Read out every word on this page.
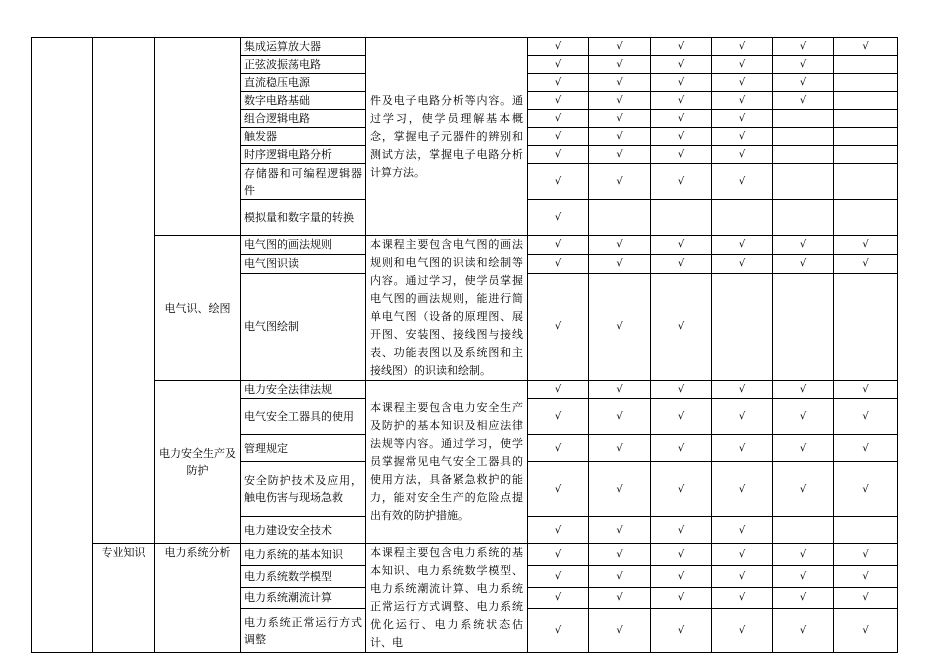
			集成运算放大器	件及电子电路分析等内容。通过学习，使学员理解基本概念，掌握电子元器件的辨别和测试方法，掌握电子电路分析计算方法。	√	√	√	√	√	√
			正弦波振荡电路		√	√	√	√	√	
			直流稳压电源		√	√	√	√	√	
			数字电路基础		√	√	√	√	√	
			组合逻辑电路		√	√	√	√		
			触发器		√	√	√	√		
			时序逻辑电路分析		√	√	√	√		
			存储器和可编程逻辑器件		√	√	√	√		
			模拟量和数字量的转换		√					
		电气识、绘图	电气图的画法规则	本课程主要包含电气图的画法规则和电气图的识读和绘制等内容。通过学习，使学员掌握电气图的画法规则，能进行简单电气图（设备的原理图、展开图、安装图、接线图与接线表、功能表图以及系统图和主接线图）的识读和绘制。	√	√	√	√	√	√
			电气图识读		√	√	√	√	√	√
			电气图绘制		√	√	√			
		电力安全生产及防护	电力安全法律法规	本课程主要包含电力安全生产及防护的基本知识及相应法律法规等内容。通过学习，使学员掌握常见电气安全工器具的使用方法，具备紧急救护的能力，能对安全生产的危险点提出有效的防护措施。	√	√	√	√	√	√
			电气安全工器具的使用		√	√	√	√	√	√
			管理规定		√	√	√	√	√	√
			安全防护技术及应用，触电伤害与现场急救		√	√	√	√	√	√
			电力建设安全技术		√	√	√	√		
	专业知识	电力系统分析	电力系统的基本知识	本课程主要包含电力系统的基本知识、电力系统数学模型、电力系统潮流计算、电力系统正常运行方式调整、电力系统优化运行、电力系统状态估计、电	√	√	√	√	√	√
			电力系统数学模型		√	√	√	√	√	√
			电力系统潮流计算		√	√	√	√	√	√
			电力系统正常运行方式调整		√	√	√	√	√	√
